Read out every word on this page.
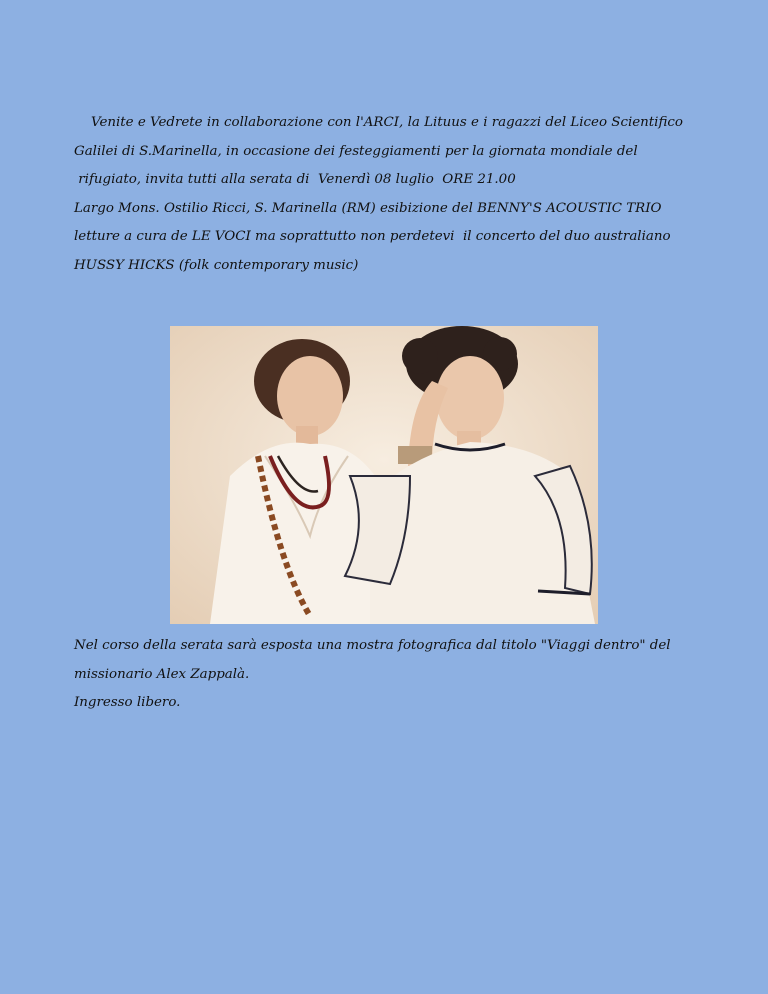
Venite e Vedrete in collaborazione con l'ARCI, la Lituus e i ragazzi del Liceo Scientifico

Galilei di S.Marinella, in occasione dei festeggiamenti per la giornata mondiale del

rifugiato, invita tutti alla serata di  Venerdì 08 luglio  ORE 21.00

Largo Mons. Ostilio Ricci, S. Marinella (RM) esibizione del BENNY'S ACOUSTIC TRIO

letture a cura de LE VOCI ma soprattutto non perdetevi  il concerto del duo australiano

HUSSY HICKS (folk contemporary music)

Nel corso della serata sarà esposta una mostra fotografica dal titolo "Viaggi dentro" del

missionario Alex Zappalà.

Ingresso libero.
